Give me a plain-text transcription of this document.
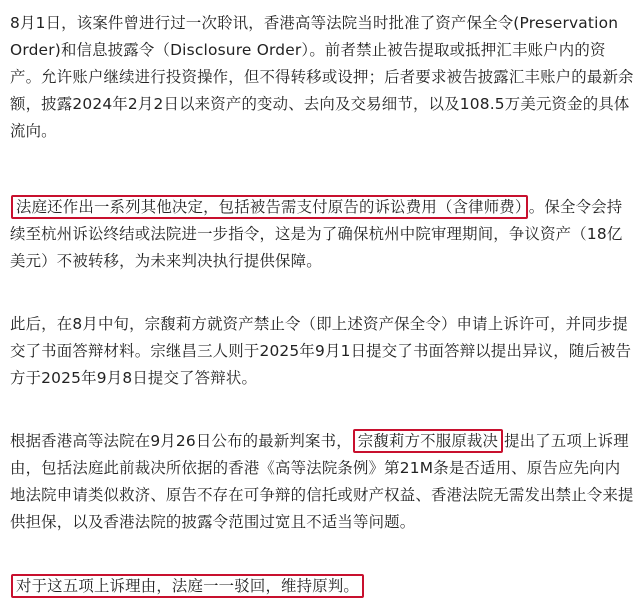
8月1日，该案件曾进行过一次聆讯，香港高等法院当时批准了资产保全令(Preservation Order)和信息披露令（Disclosure Order）。前者禁止被告提取或抵押汇丰账户内的资产。允许账户继续进行投资操作，但不得转移或设押；后者要求被告披露汇丰账户的最新余额，披露2024年2月2日以来资产的变动、去向及交易细节，以及108.5万美元资金的具体流向。

法庭还作出一系列其他决定，包括被告需支付原告的诉讼费用（含律师费） 。保全令会持续至杭州诉讼终结或法院进一步指令，这是为了确保杭州中院审理期间，争议资产（18亿美元）不被转移，为未来判决执行提供保障。

此后，在8月中旬，宗馥莉方就资产禁止令（即上述资产保全令）申请上诉许可，并同步提交了书面答辩材料。宗继昌三人则于2025年9月1日提交了书面答辩以提出异议，随后被告方于2025年9月8日提交了答辩状。

根据香港高等法院在9月26日公布的最新判案书， 宗馥莉方不服原裁决 提出了五项上诉理由，包括法庭此前裁决所依据的香港《高等法院条例》第21M条是否适用、原告应先向内地法院申请类似救济、原告不存在可争辩的信托或财产权益、香港法院无需发出禁止令来提供担保，以及香港法院的披露令范围过宽且不适当等问题。

对于这五项上诉理由，法庭一一驳回，维持原判。
